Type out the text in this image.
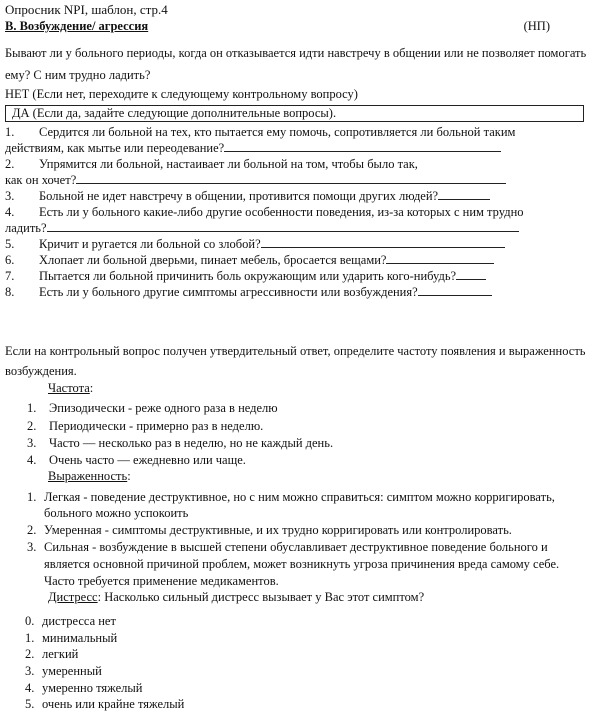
Опросник NPI, шаблон, стр.4
В. Возбуждение/ агрессия	(НП)
Бывают ли у больного периоды, когда он отказывается идти навстречу в общении или не позволяет помогать ему? С ним трудно ладить?
НЕТ (Если нет, переходите к следующему контрольному вопросу)
ДА (Если да, задайте следующие дополнительные вопросы).
1.	Сердится ли больной на тех, кто пытается ему помочь, сопротивляется ли больной таким
действиям, как мытье или переодевание?
2.	Упрямится ли больной, настаивает ли больной на том, чтобы было так,
как он хочет?
3.	Больной не идет навстречу в общении, противится помощи других людей?
4.	Есть ли у больного какие-либо другие особенности поведения, из-за которых с ним трудно
ладить?
5.	Кричит и ругается ли больной со злобой?
6.	Хлопает ли больной дверьми, пинает мебель, бросается вещами?
7.	Пытается ли больной причинить боль окружающим или ударить кого-нибудь?
8.	Есть ли у больного другие симптомы агрессивности или возбуждения?
Если на контрольный вопрос получен утвердительный ответ, определите частоту появления и выраженность возбуждения.
Частота:
1.	Эпизодически - реже одного раза в неделю
2.	Периодически - примерно раз в неделю.
3.	Часто — несколько раз в неделю, но не каждый день.
4.	Очень часто — ежедневно или чаще.
Выраженность:
1. Легкая - поведение деструктивное, но с ним можно справиться: симптом можно корригировать, больного можно успокоить
2. Умеренная - симптомы деструктивные, и их трудно корригировать или контролировать.
3. Сильная - возбуждение в высшей степени обуславливает деструктивное поведение больного и является основной причиной проблем, может возникнуть угроза причинения вреда самому себе. Часто требуется применение медикаментов.
Дистресс: Насколько сильный дистресс вызывает у Вас этот симптом?
0. дистресса нет
1. минимальный
2. легкий
3. умеренный
4. умеренно тяжелый
5. очень или крайне тяжелый
